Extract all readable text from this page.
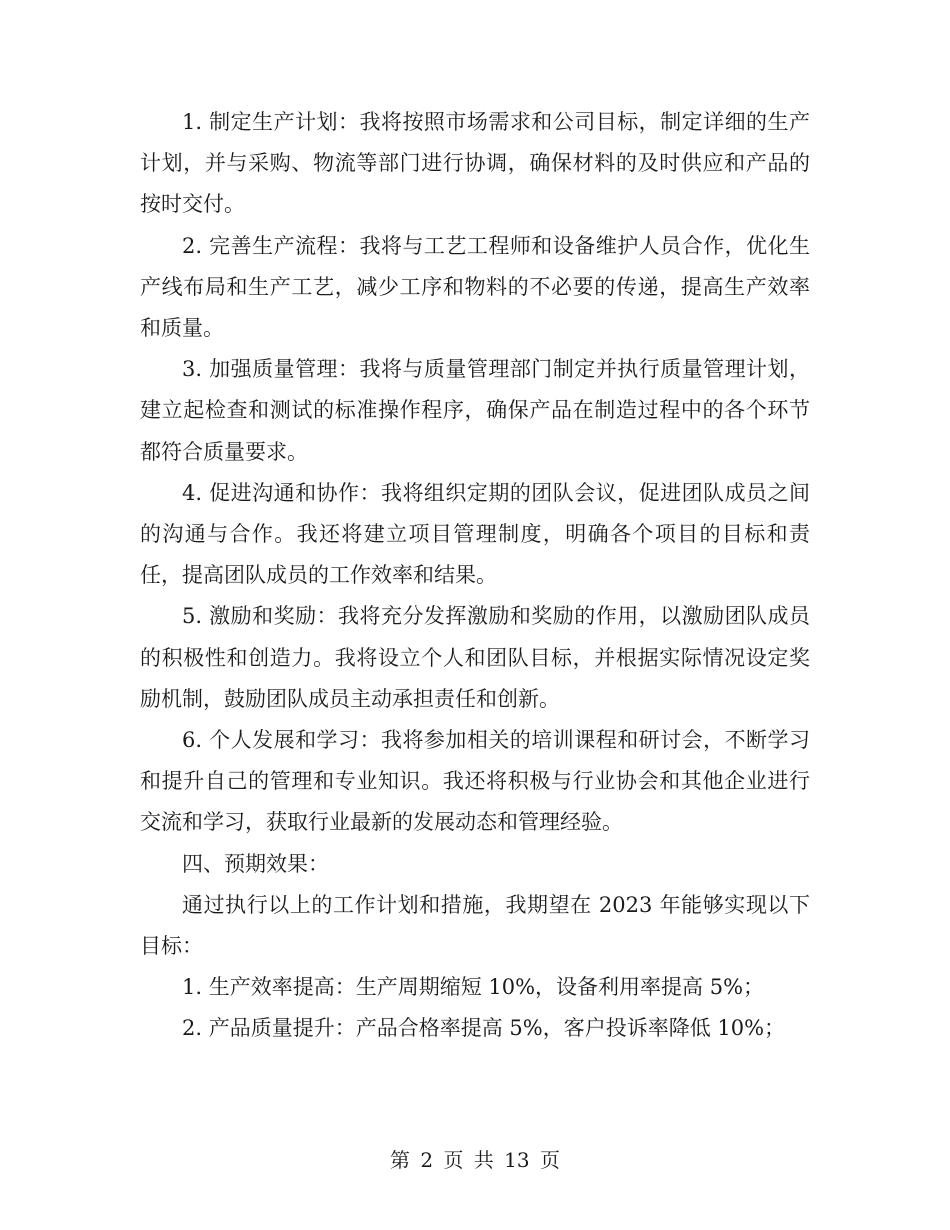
1. 制定生产计划：我将按照市场需求和公司目标，制定详细的生产计划，并与采购、物流等部门进行协调，确保材料的及时供应和产品的按时交付。

2. 完善生产流程：我将与工艺工程师和设备维护人员合作，优化生产线布局和生产工艺，减少工序和物料的不必要的传递，提高生产效率和质量。

3. 加强质量管理：我将与质量管理部门制定并执行质量管理计划，建立起检查和测试的标准操作程序，确保产品在制造过程中的各个环节都符合质量要求。

4. 促进沟通和协作：我将组织定期的团队会议，促进团队成员之间的沟通与合作。我还将建立项目管理制度，明确各个项目的目标和责任，提高团队成员的工作效率和结果。

5. 激励和奖励：我将充分发挥激励和奖励的作用，以激励团队成员的积极性和创造力。我将设立个人和团队目标，并根据实际情况设定奖励机制，鼓励团队成员主动承担责任和创新。

6. 个人发展和学习：我将参加相关的培训课程和研讨会，不断学习和提升自己的管理和专业知识。我还将积极与行业协会和其他企业进行交流和学习，获取行业最新的发展动态和管理经验。

四、预期效果：

通过执行以上的工作计划和措施，我期望在 2023 年能够实现以下目标：

1. 生产效率提高：生产周期缩短 10%，设备利用率提高 5%；

2. 产品质量提升：产品合格率提高 5%，客户投诉率降低 10%；

第 2 页 共 13 页
